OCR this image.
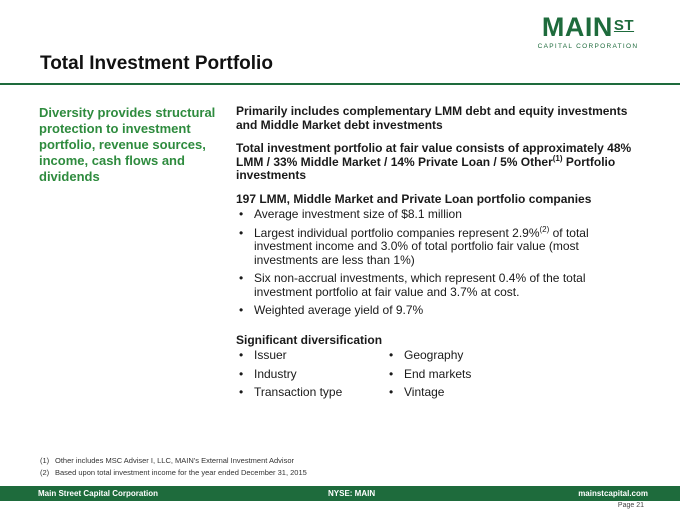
$MAIN^{ST}$
CAPITAL CORPORATION
Total Investment Portfolio
Diversity provides structural protection to investment portfolio, revenue sources, income, cash flows and dividends

Primarily includes complementary LMM debt and equity investments and Middle Market debt investments

Total investment portfolio at fair value consists of approximately 48% LMM / 33% Middle Market / 14% Private Loan / 5% Other$^{(1)}$ Portfolio investments

197 LMM, Middle Market and Private Loan portfolio companies

• Average investment size of $8.1 million
• Largest individual portfolio companies represent 2.9%$^{(2)}$ of total investment income and 3.0% of total portfolio fair value (most investments are less than 1%)
• Six non-accrual investments, which represent 0.4% of the total investment portfolio at fair value and 3.7% at cost.
• Weighted average yield of 9.7%

Significant diversification

• Issuer
• Industry
• Transaction type
• Geography
• End markets
• Vintage
(1) Other includes MSC Adviser I, LLC, MAIN's External Investment Advisor
(2) Based upon total investment income for the year ended December 31, 2015
Main Street Capital Corporation	NYSE: MAIN	mainstcapital.com
Page 21
